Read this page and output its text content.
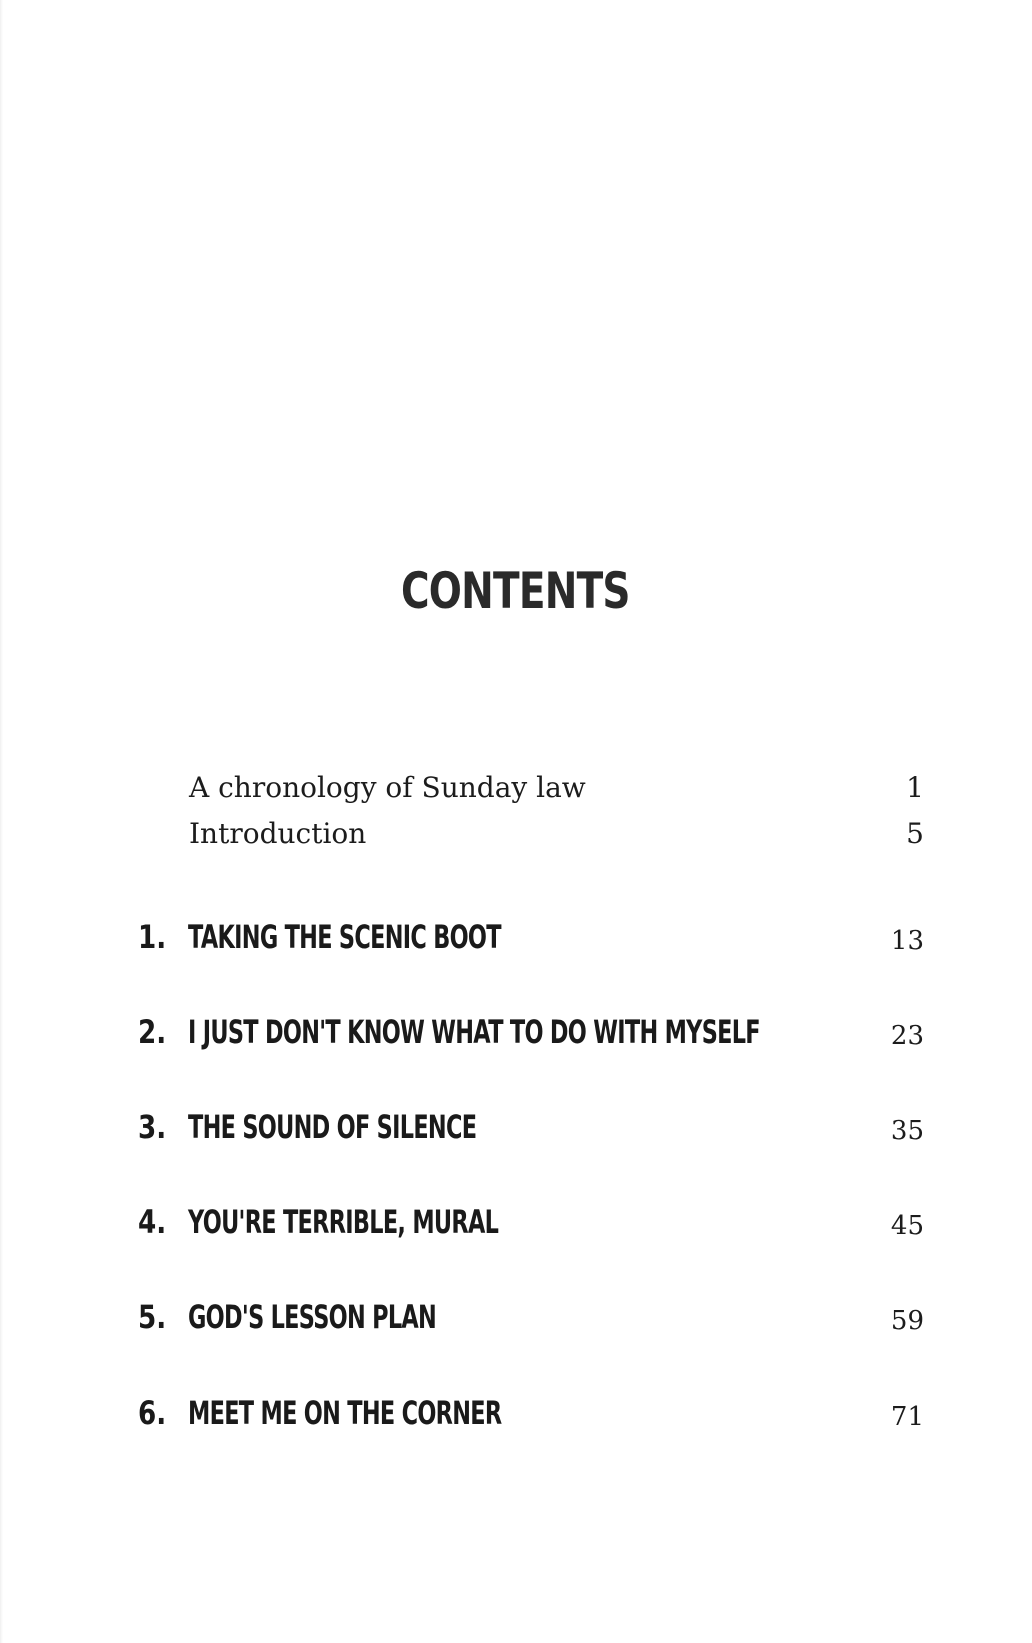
CONTENTS
A chronology of Sunday law	1
Introduction	5
1. TAKING THE SCENIC BOOT	13
2. I JUST DON'T KNOW WHAT TO DO WITH MYSELF	23
3. THE SOUND OF SILENCE	35
4. YOU'RE TERRIBLE, MURAL	45
5. GOD'S LESSON PLAN	59
6. MEET ME ON THE CORNER	71
